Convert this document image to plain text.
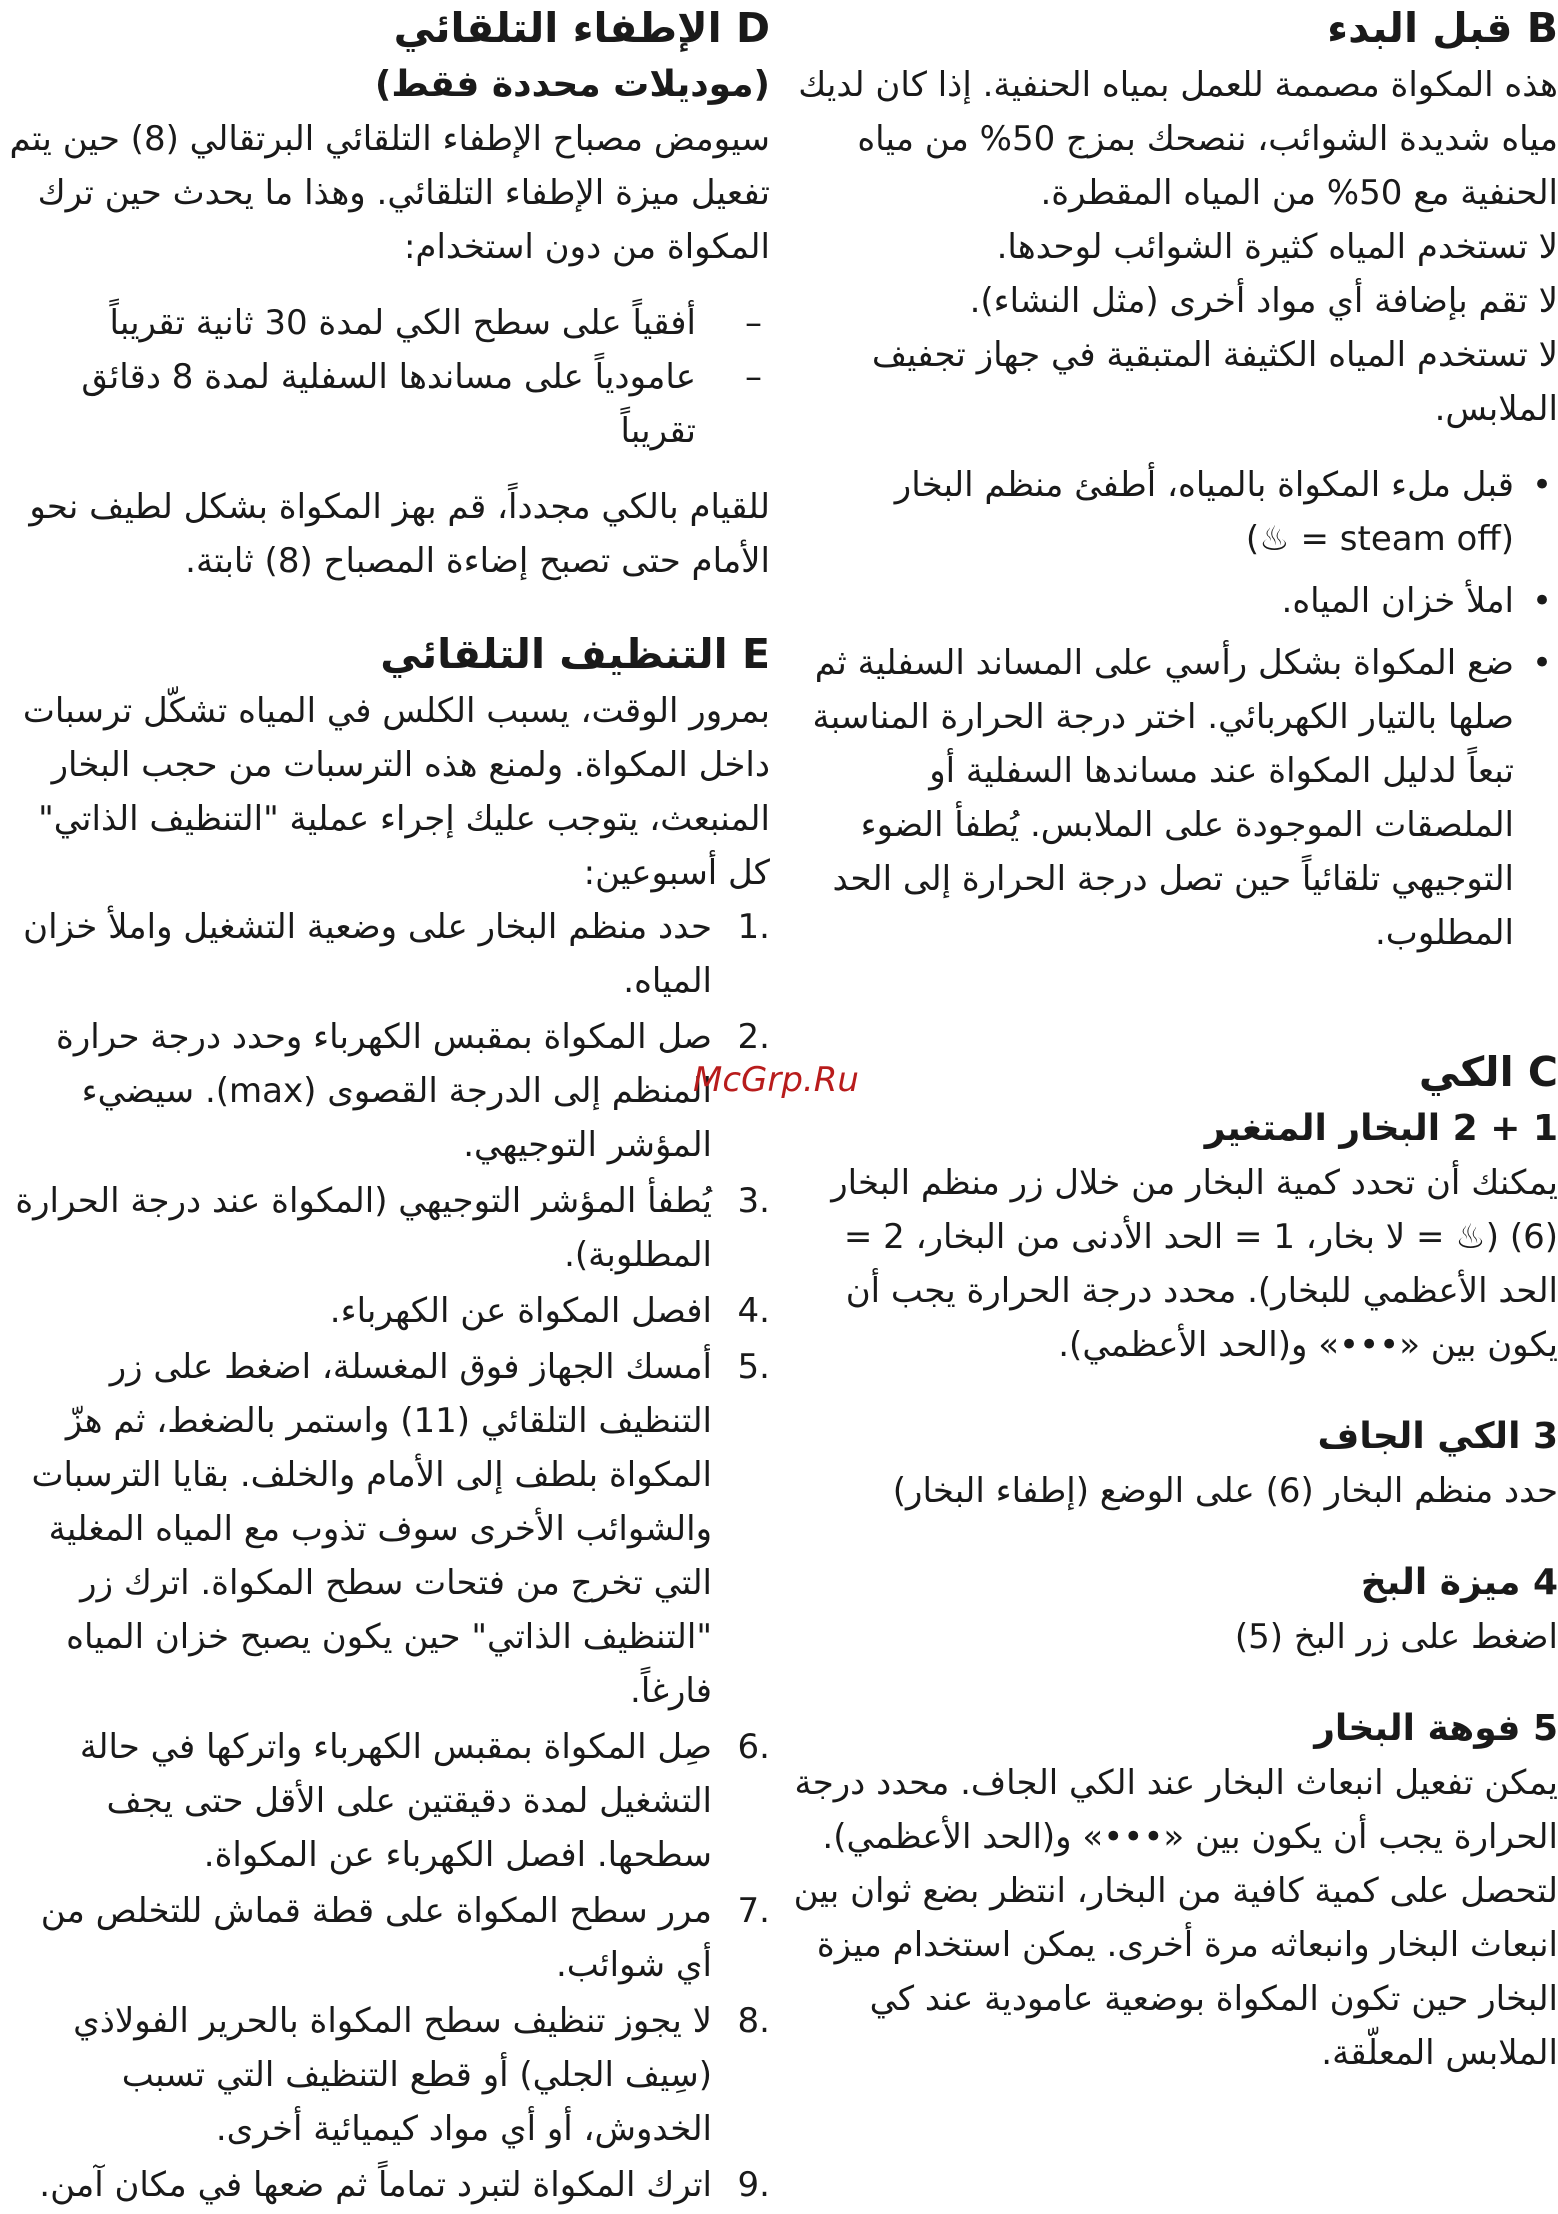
B قبل البدء

هذه المكواة مصممة للعمل بمياه الحنفية. إذا كان لديك مياه شديدة الشوائب، ننصحك بمزج 50% من مياه الحنفية مع 50% من المياه المقطرة.

لا تستخدم المياه كثيرة الشوائب لوحدها.

لا تقم بإضافة أي مواد أخرى (مثل النشاء).

لا تستخدم المياه الكثيفة المتبقية في جهاز تجفيف الملابس.

• قبل ملء المكواة بالمياه، أطفئ منظم البخار (steam off = ♨)
• املأ خزان المياه.
• ضع المكواة بشكل رأسي على المساند السفلية ثم صلها بالتيار الكهربائي. اختر درجة الحرارة المناسبة تبعاً لدليل المكواة عند مساندها السفلية أو الملصقات الموجودة على الملابس. يُطفأ الضوء التوجيهي تلقائياً حين تصل درجة الحرارة إلى الحد المطلوب.
C الكي
1 + 2 البخار المتغير

يمكنك أن تحدد كمية البخار من خلال زر منظم البخار (6) (♨ = لا بخار، 1 = الحد الأدنى من البخار، 2 = الحد الأعظمي للبخار). محدد درجة الحرارة يجب أن يكون بين «•••» و(الحد الأعظمي).

3 الكي الجاف

حدد منظم البخار (6) على الوضع (إطفاء البخار)

4 ميزة البخ

اضغط على زر البخ (5)

5 فوهة البخار

يمكن تفعيل انبعاث البخار عند الكي الجاف. محدد درجة الحرارة يجب أن يكون بين «•••» و(الحد الأعظمي). لتحصل على كمية كافية من البخار، انتظر بضع ثوان بين انبعاث البخار وانبعاثه مرة أخرى. يمكن استخدام ميزة البخار حين تكون المكواة بوضعية عامودية عند كي الملابس المعلّقة.

D الإطفاء التلقائي
(موديلات محددة فقط)

سيومض مصباح الإطفاء التلقائي البرتقالي (8) حين يتم تفعيل ميزة الإطفاء التلقائي. وهذا ما يحدث حين ترك المكواة من دون استخدام:

– أفقياً على سطح الكي لمدة 30 ثانية تقريباً
– عامودياً على مساندها السفلية لمدة 8 دقائق تقريباً

للقيام بالكي مجدداً، قم بهز المكواة بشكل لطيف نحو الأمام حتى تصبح إضاءة المصباح (8) ثابتة.

E التنظيف التلقائي

بمرور الوقت، يسبب الكلس في المياه تشكّل ترسبات داخل المكواة. ولمنع هذه الترسبات من حجب البخار المنبعث، يتوجب عليك إجراء عملية "التنظيف الذاتي" كل أسبوعين:

1.
حدد منظم البخار على وضعية التشغيل واملأ خزان المياه.
2.
صل المكواة بمقبس الكهرباء وحدد درجة حرارة المنظم إلى الدرجة القصوى (max). سيضيء المؤشر التوجيهي.
3.
يُطفأ المؤشر التوجيهي (المكواة عند درجة الحرارة المطلوبة).
4.
افصل المكواة عن الكهرباء.
5.
أمسك الجهاز فوق المغسلة، اضغط على زر التنظيف التلقائي (11) واستمر بالضغط، ثم هزّ المكواة بلطف إلى الأمام والخلف. بقايا الترسبات والشوائب الأخرى سوف تذوب مع المياه المغلية التي تخرج من فتحات سطح المكواة. اترك زر "التنظيف الذاتي" حين يكون يصبح خزان المياه فارغاً.
6.
صِل المكواة بمقبس الكهرباء واتركها في حالة التشغيل لمدة دقيقتين على الأقل حتى يجف سطحها. افصل الكهرباء عن المكواة.
7.
مرر سطح المكواة على قطة قماش للتخلص من أي شوائب.
8.
لا يجوز تنظيف سطح المكواة بالحرير الفولاذي (سِيف الجلي) أو قطع التنظيف التي تسبب الخدوش، أو أي مواد كيميائية أخرى.
9.
اترك المكواة لتبرد تماماً ثم ضعها في مكان آمن.
McGrp.Ru
